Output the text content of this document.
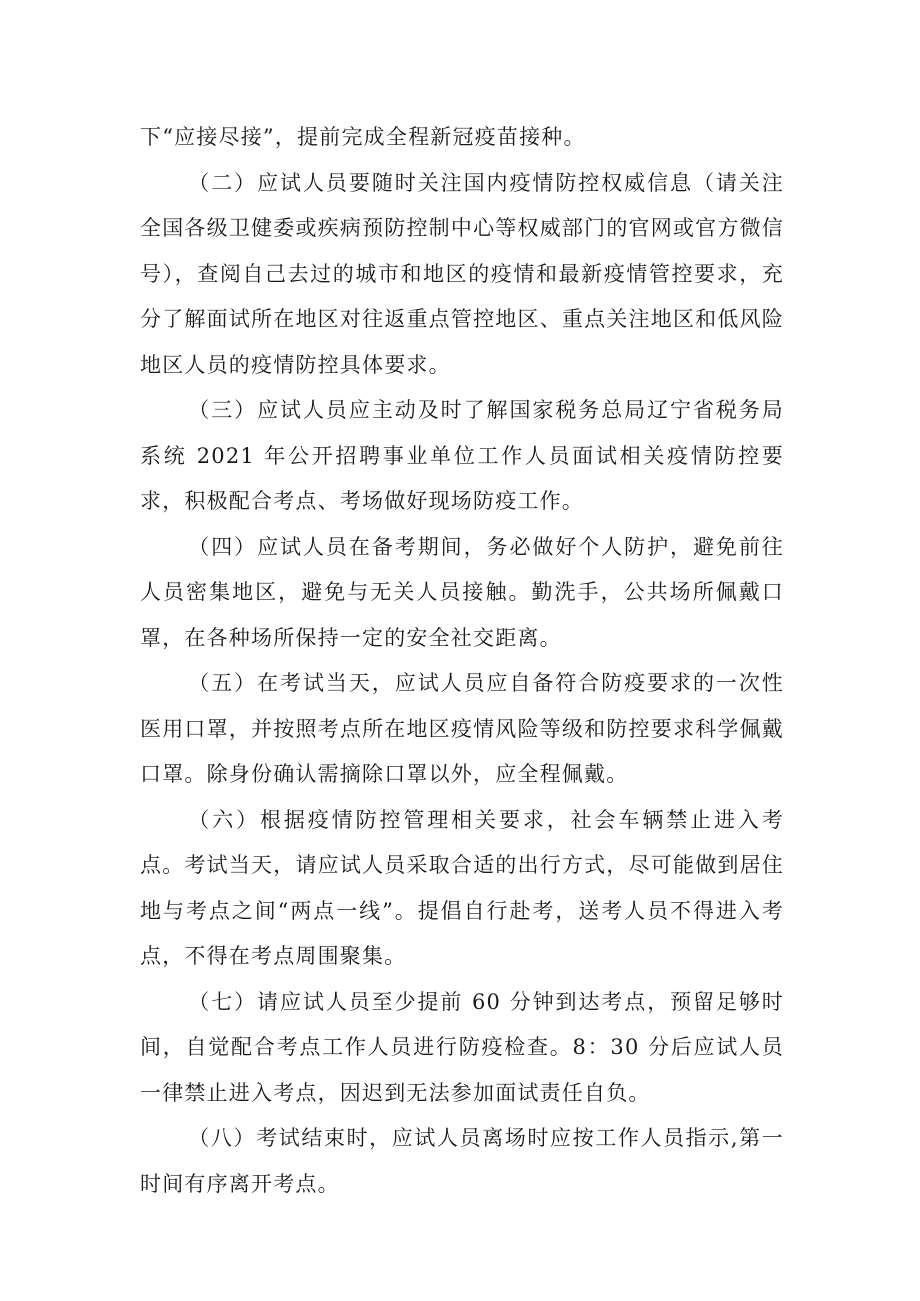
下“应接尽接”，提前完成全程新冠疫苗接种。

（二）应试人员要随时关注国内疫情防控权威信息（请关注全国各级卫健委或疾病预防控制中心等权威部门的官网或官方微信号），查阅自己去过的城市和地区的疫情和最新疫情管控要求，充分了解面试所在地区对往返重点管控地区、重点关注地区和低风险地区人员的疫情防控具体要求。

（三）应试人员应主动及时了解国家税务总局辽宁省税务局系统 2021 年公开招聘事业单位工作人员面试相关疫情防控要求，积极配合考点、考场做好现场防疫工作。

（四）应试人员在备考期间，务必做好个人防护，避免前往人员密集地区，避免与无关人员接触。勤洗手，公共场所佩戴口罩，在各种场所保持一定的安全社交距离。

（五）在考试当天，应试人员应自备符合防疫要求的一次性医用口罩，并按照考点所在地区疫情风险等级和防控要求科学佩戴口罩。除身份确认需摘除口罩以外，应全程佩戴。

（六）根据疫情防控管理相关要求，社会车辆禁止进入考点。考试当天，请应试人员采取合适的出行方式，尽可能做到居住地与考点之间“两点一线”。提倡自行赴考，送考人员不得进入考点，不得在考点周围聚集。

（七）请应试人员至少提前 60 分钟到达考点，预留足够时间，自觉配合考点工作人员进行防疫检查。8：30 分后应试人员一律禁止进入考点，因迟到无法参加面试责任自负。

（八）考试结束时，应试人员离场时应按工作人员指示,第一时间有序离开考点。
